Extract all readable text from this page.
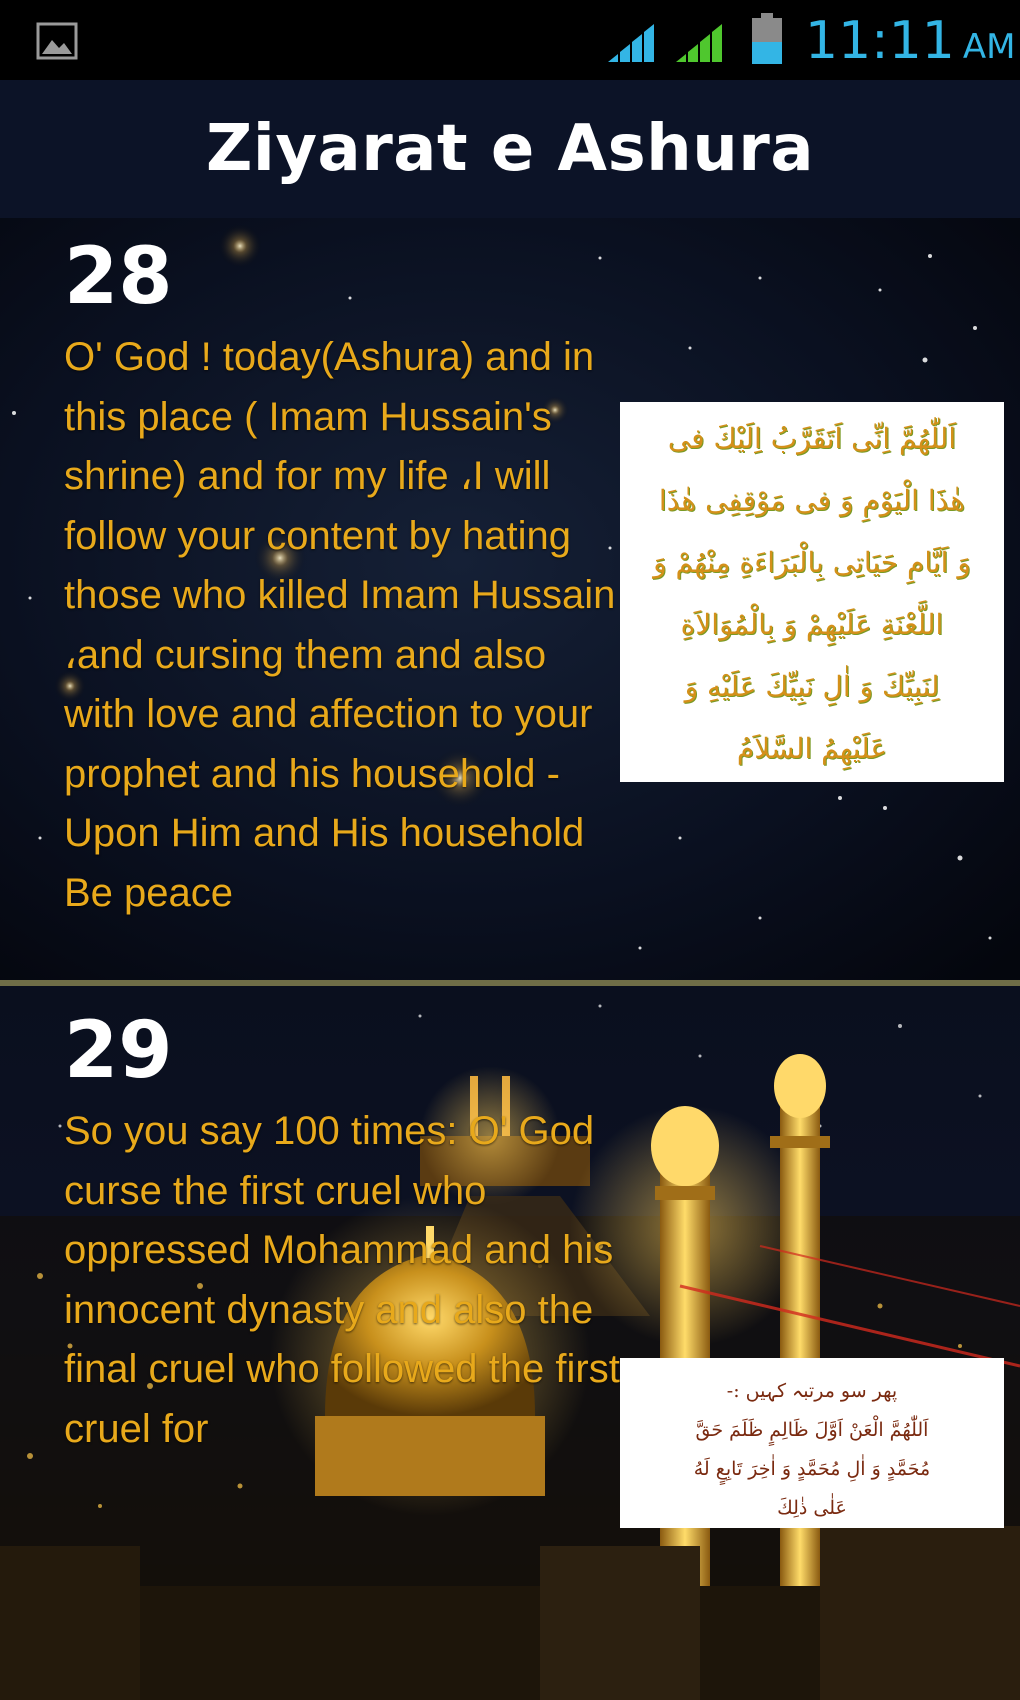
11:11 AM
Ziyarat e Ashura
28
O' God ! today(Ashura) and in this place ( Imam Hussain's shrine) and for my life ،I will follow your content by hating those who killed Imam Hussain ،and cursing them and also with love and affection to your prophet and his household -Upon Him and His household Be peace
اَللّٰهُمَّ اِنِّى اَتَقَرَّبُ اِلَيْكَ فى
هٰذَا الْيَوْمِ وَ فى مَوْقِفِى هٰذَا
وَ اَيَّامِ حَيَاتِى بِالْبَرَاءَةِ مِنْهُمْ وَ
اللَّعْنَةِ عَلَيْهِمْ وَ بِالْمُوَالاَةِ
لِنَبِيِّكَ وَ اٰلِ نَبِيِّكَ عَلَيْهِ وَ
عَلَيْهِمُ السَّلاَمُ
29
So you say 100 times: O' God curse the first cruel who oppressed Mohammad and his innocent dynasty and also the final cruel who followed the first cruel for
پھر سو مرتبہ کہیں :-
اَللّٰهُمَّ الْعَنْ اَوَّلَ ظَالِمٍ ظَلَمَ حَقَّ
مُحَمَّدٍ وَ اٰلِ مُحَمَّدٍ وَ اٰخِرَ تَابِعٍ لَهُ
عَلٰى ذٰلِكَ
